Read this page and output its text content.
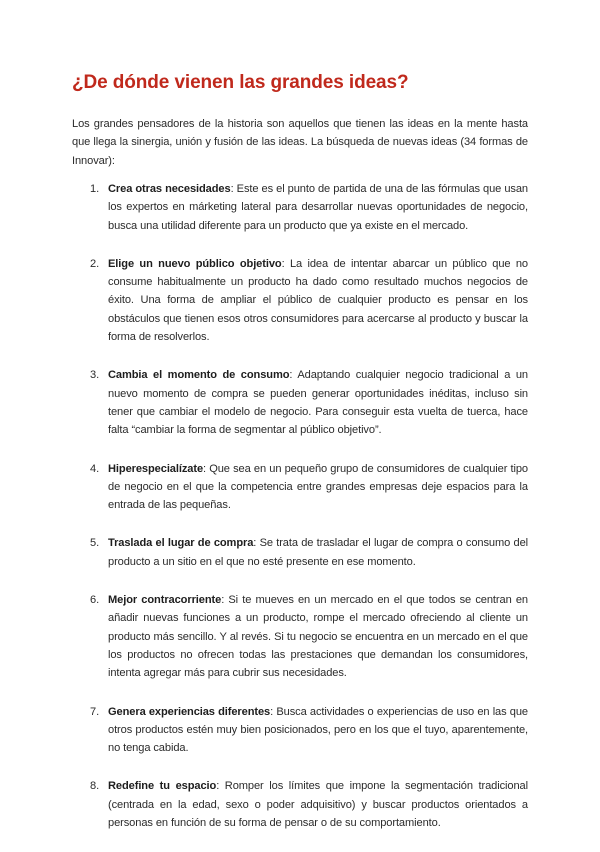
¿De dónde vienen las grandes ideas?

Los grandes pensadores de la historia son aquellos que tienen las ideas en la mente hasta que llega la sinergia, unión y fusión de las ideas. La búsqueda de nuevas ideas (34 formas de Innovar):

1. Crea otras necesidades: Este es el punto de partida de una de las fórmulas que usan los expertos en márketing lateral para desarrollar nuevas oportunidades de negocio, busca una utilidad diferente para un producto que ya existe en el mercado.
2. Elige un nuevo público objetivo: La idea de intentar abarcar un público que no consume habitualmente un producto ha dado como resultado muchos negocios de éxito. Una forma de ampliar el público de cualquier producto es pensar en los obstáculos que tienen esos otros consumidores para acercarse al producto y buscar la forma de resolverlos.
3. Cambia el momento de consumo: Adaptando cualquier negocio tradicional a un nuevo momento de compra se pueden generar oportunidades inéditas, incluso sin tener que cambiar el modelo de negocio. Para conseguir esta vuelta de tuerca, hace falta “cambiar la forma de segmentar al público objetivo”.
4. Hiperespecialízate: Que sea en un pequeño grupo de consumidores de cualquier tipo de negocio en el que la competencia entre grandes empresas deje espacios para la entrada de las pequeñas.
5. Traslada el lugar de compra: Se trata de trasladar el lugar de compra o consumo del producto a un sitio en el que no esté presente en ese momento.
6. Mejor contracorriente: Si te mueves en un mercado en el que todos se centran en añadir nuevas funciones a un producto, rompe el mercado ofreciendo al cliente un producto más sencillo. Y al revés. Si tu negocio se encuentra en un mercado en el que los productos no ofrecen todas las prestaciones que demandan los consumidores, intenta agregar más para cubrir sus necesidades.
7. Genera experiencias diferentes: Busca actividades o experiencias de uso en las que otros productos estén muy bien posicionados, pero en los que el tuyo, aparentemente, no tenga cabida.
8. Redefine tu espacio: Romper los límites que impone la segmentación tradicional (centrada en la edad, sexo o poder adquisitivo) y buscar productos orientados a personas en función de su forma de pensar o de su comportamiento.
